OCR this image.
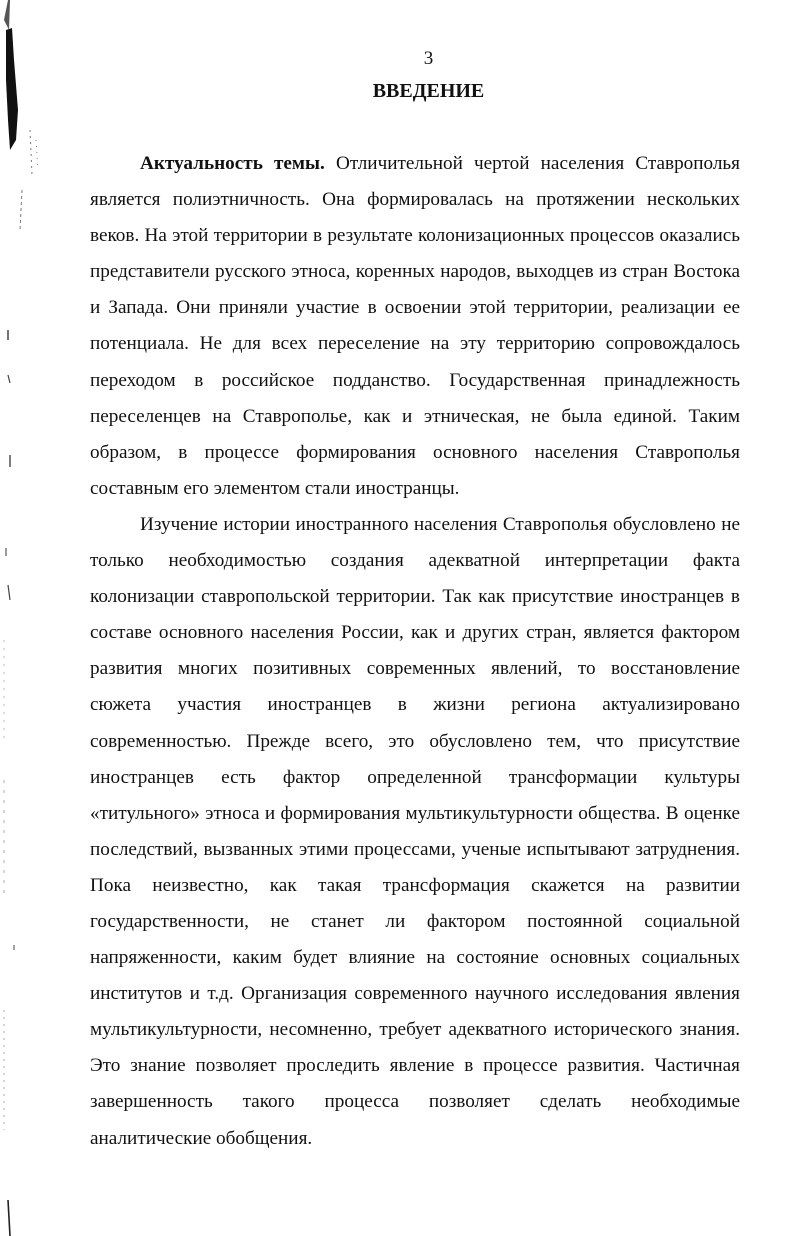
3
ВВЕДЕНИЕ

Актуальность темы. Отличительной чертой населения Ставрополья является полиэтничность. Она формировалась на протяжении нескольких веков. На этой территории в результате колонизационных процессов оказались представители русского этноса, коренных народов, выходцев из стран Востока и Запада. Они приняли участие в освоении этой территории, реализации ее потенциала. Не для всех переселение на эту территорию сопровождалось переходом в российское подданство. Государственная принадлежность переселенцев на Ставрополье, как и этническая, не была единой. Таким образом, в процессе формирования основного населения Ставрополья составным его элементом стали иностранцы.

Изучение истории иностранного населения Ставрополья обусловлено не только необходимостью создания адекватной интерпретации факта колонизации ставропольской территории. Так как присутствие иностранцев в составе основного населения России, как и других стран, является фактором развития многих позитивных современных явлений, то восстановление сюжета участия иностранцев в жизни региона актуализировано современностью. Прежде всего, это обусловлено тем, что присутствие иностранцев есть фактор определенной трансформации культуры «титульного» этноса и формирования мультикультурности общества. В оценке последствий, вызванных этими процессами, ученые испытывают затруднения. Пока неизвестно, как такая трансформация скажется на развитии государственности, не станет ли фактором постоянной социальной напряженности, каким будет влияние на состояние основных социальных институтов и т.д. Организация современного научного исследования явления мультикультурности, несомненно, требует адекватного исторического знания. Это знание позволяет проследить явление в процессе развития. Частичная завершенность такого процесса позволяет сделать необходимые аналитические обобщения.
